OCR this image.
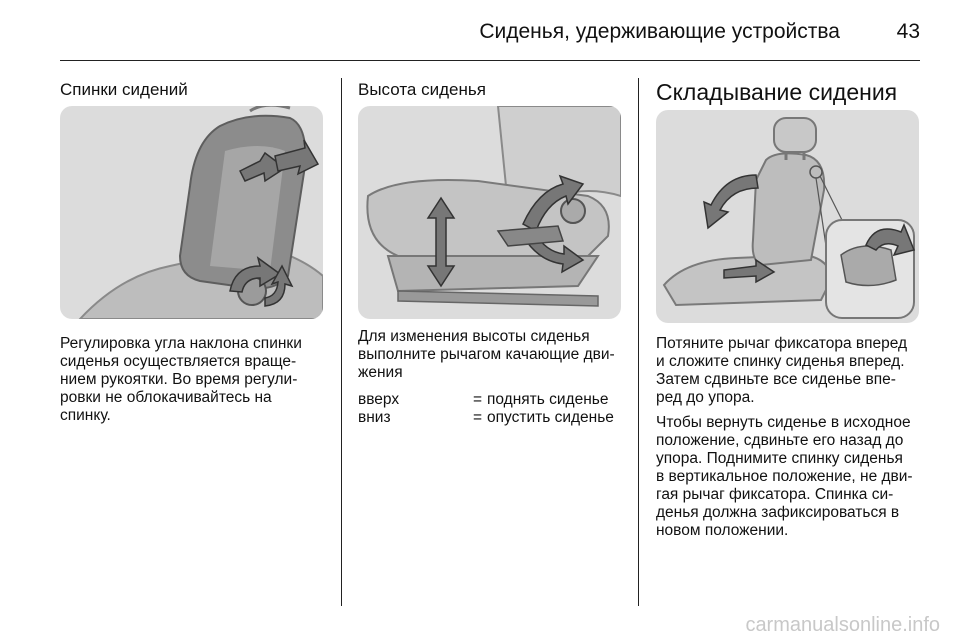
Сиденья, удерживающие устройства	43
Спинки сидений

Регулировка угла наклона спинки
сиденья осуществляется враще-
нием рукоятки. Во время регули-
ровки не облокачивайтесь на
спинку.

Высота сиденья

Для изменения высоты сиденья
выполните рычагом качающие дви-
жения

вверх	=	поднять сиденье
вниз	=	опустить сиденье
Складывание сидения

Потяните рычаг фиксатора вперед
и сложите спинку сиденья вперед.
Затем сдвиньте все сиденье впе-
ред до упора.

Чтобы вернуть сиденье в исходное
положение, сдвиньте его назад до
упора. Поднимите спинку сиденья
в вертикальное положение, не дви-
гая рычаг фиксатора. Спинка си-
денья должна зафиксироваться в
новом положении.

carmanualsonline.info
